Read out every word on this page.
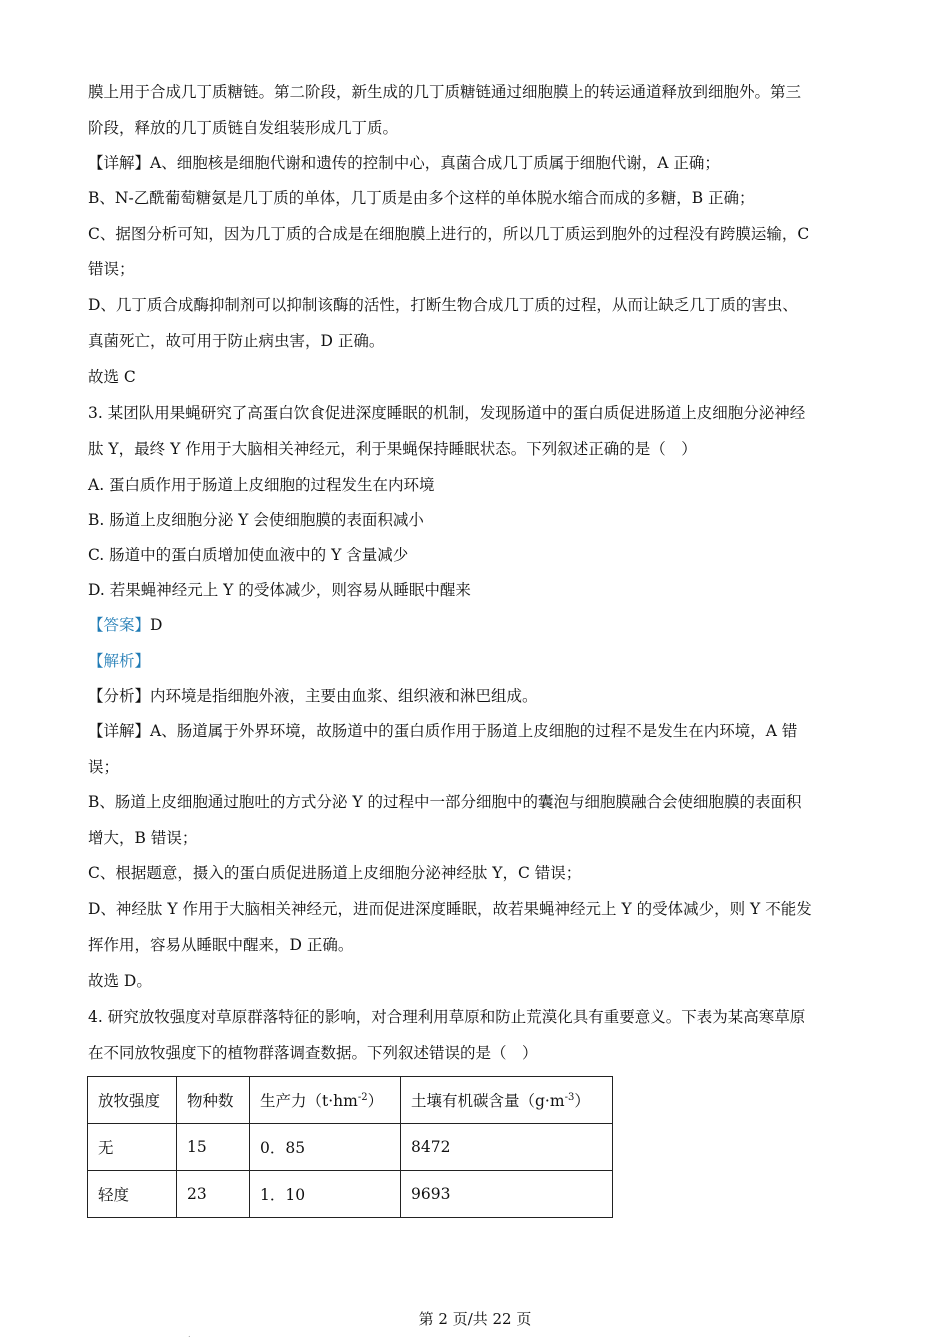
膜上用于合成几丁质糖链。第二阶段，新生成的几丁质糖链通过细胞膜上的转运通道释放到细胞外。第三
阶段，释放的几丁质链自发组装形成几丁质。
【详解】A、细胞核是细胞代谢和遗传的控制中心，真菌合成几丁质属于细胞代谢，A 正确；
B、N-乙酰葡萄糖氨是几丁质的单体，几丁质是由多个这样的单体脱水缩合而成的多糖，B 正确；
C、据图分析可知，因为几丁质的合成是在细胞膜上进行的，所以几丁质运到胞外的过程没有跨膜运输，C
错误；
D、几丁质合成酶抑制剂可以抑制该酶的活性，打断生物合成几丁质的过程，从而让缺乏几丁质的害虫、
真菌死亡，故可用于防止病虫害，D 正确。
故选 C
3. 某团队用果蝇研究了高蛋白饮食促进深度睡眠的机制，发现肠道中的蛋白质促进肠道上皮细胞分泌神经
肽 Y，最终 Y 作用于大脑相关神经元，利于果蝇保持睡眠状态。下列叙述正确的是（　）
A. 蛋白质作用于肠道上皮细胞的过程发生在内环境
B. 肠道上皮细胞分泌 Y 会使细胞膜的表面积减小
C. 肠道中的蛋白质增加使血液中的 Y 含量减少
D. 若果蝇神经元上 Y 的受体减少，则容易从睡眠中醒来
【答案】D
【解析】
【分析】内环境是指细胞外液，主要由血浆、组织液和淋巴组成。
【详解】A、肠道属于外界环境，故肠道中的蛋白质作用于肠道上皮细胞的过程不是发生在内环境，A 错
误；
B、肠道上皮细胞通过胞吐的方式分泌 Y 的过程中一部分细胞中的囊泡与细胞膜融合会使细胞膜的表面积
增大，B 错误；
C、根据题意，摄入的蛋白质促进肠道上皮细胞分泌神经肽 Y，C 错误；
D、神经肽 Y 作用于大脑相关神经元，进而促进深度睡眠，故若果蝇神经元上 Y 的受体减少，则 Y 不能发
挥作用，容易从睡眠中醒来，D 正确。
故选 D。
4. 研究放牧强度对草原群落特征的影响，对合理利用草原和防止荒漠化具有重要意义。下表为某高寒草原
在不同放牧强度下的植物群落调查数据。下列叙述错误的是（　）
放牧强度	物种数	生产力$(t\cdot hm^{-2})$	土壤有机碳含量$(g\cdot m^{-3})$
无	15	0．85	8472
轻度	23	1．10	9693
.
第 2 页/共 22 页
